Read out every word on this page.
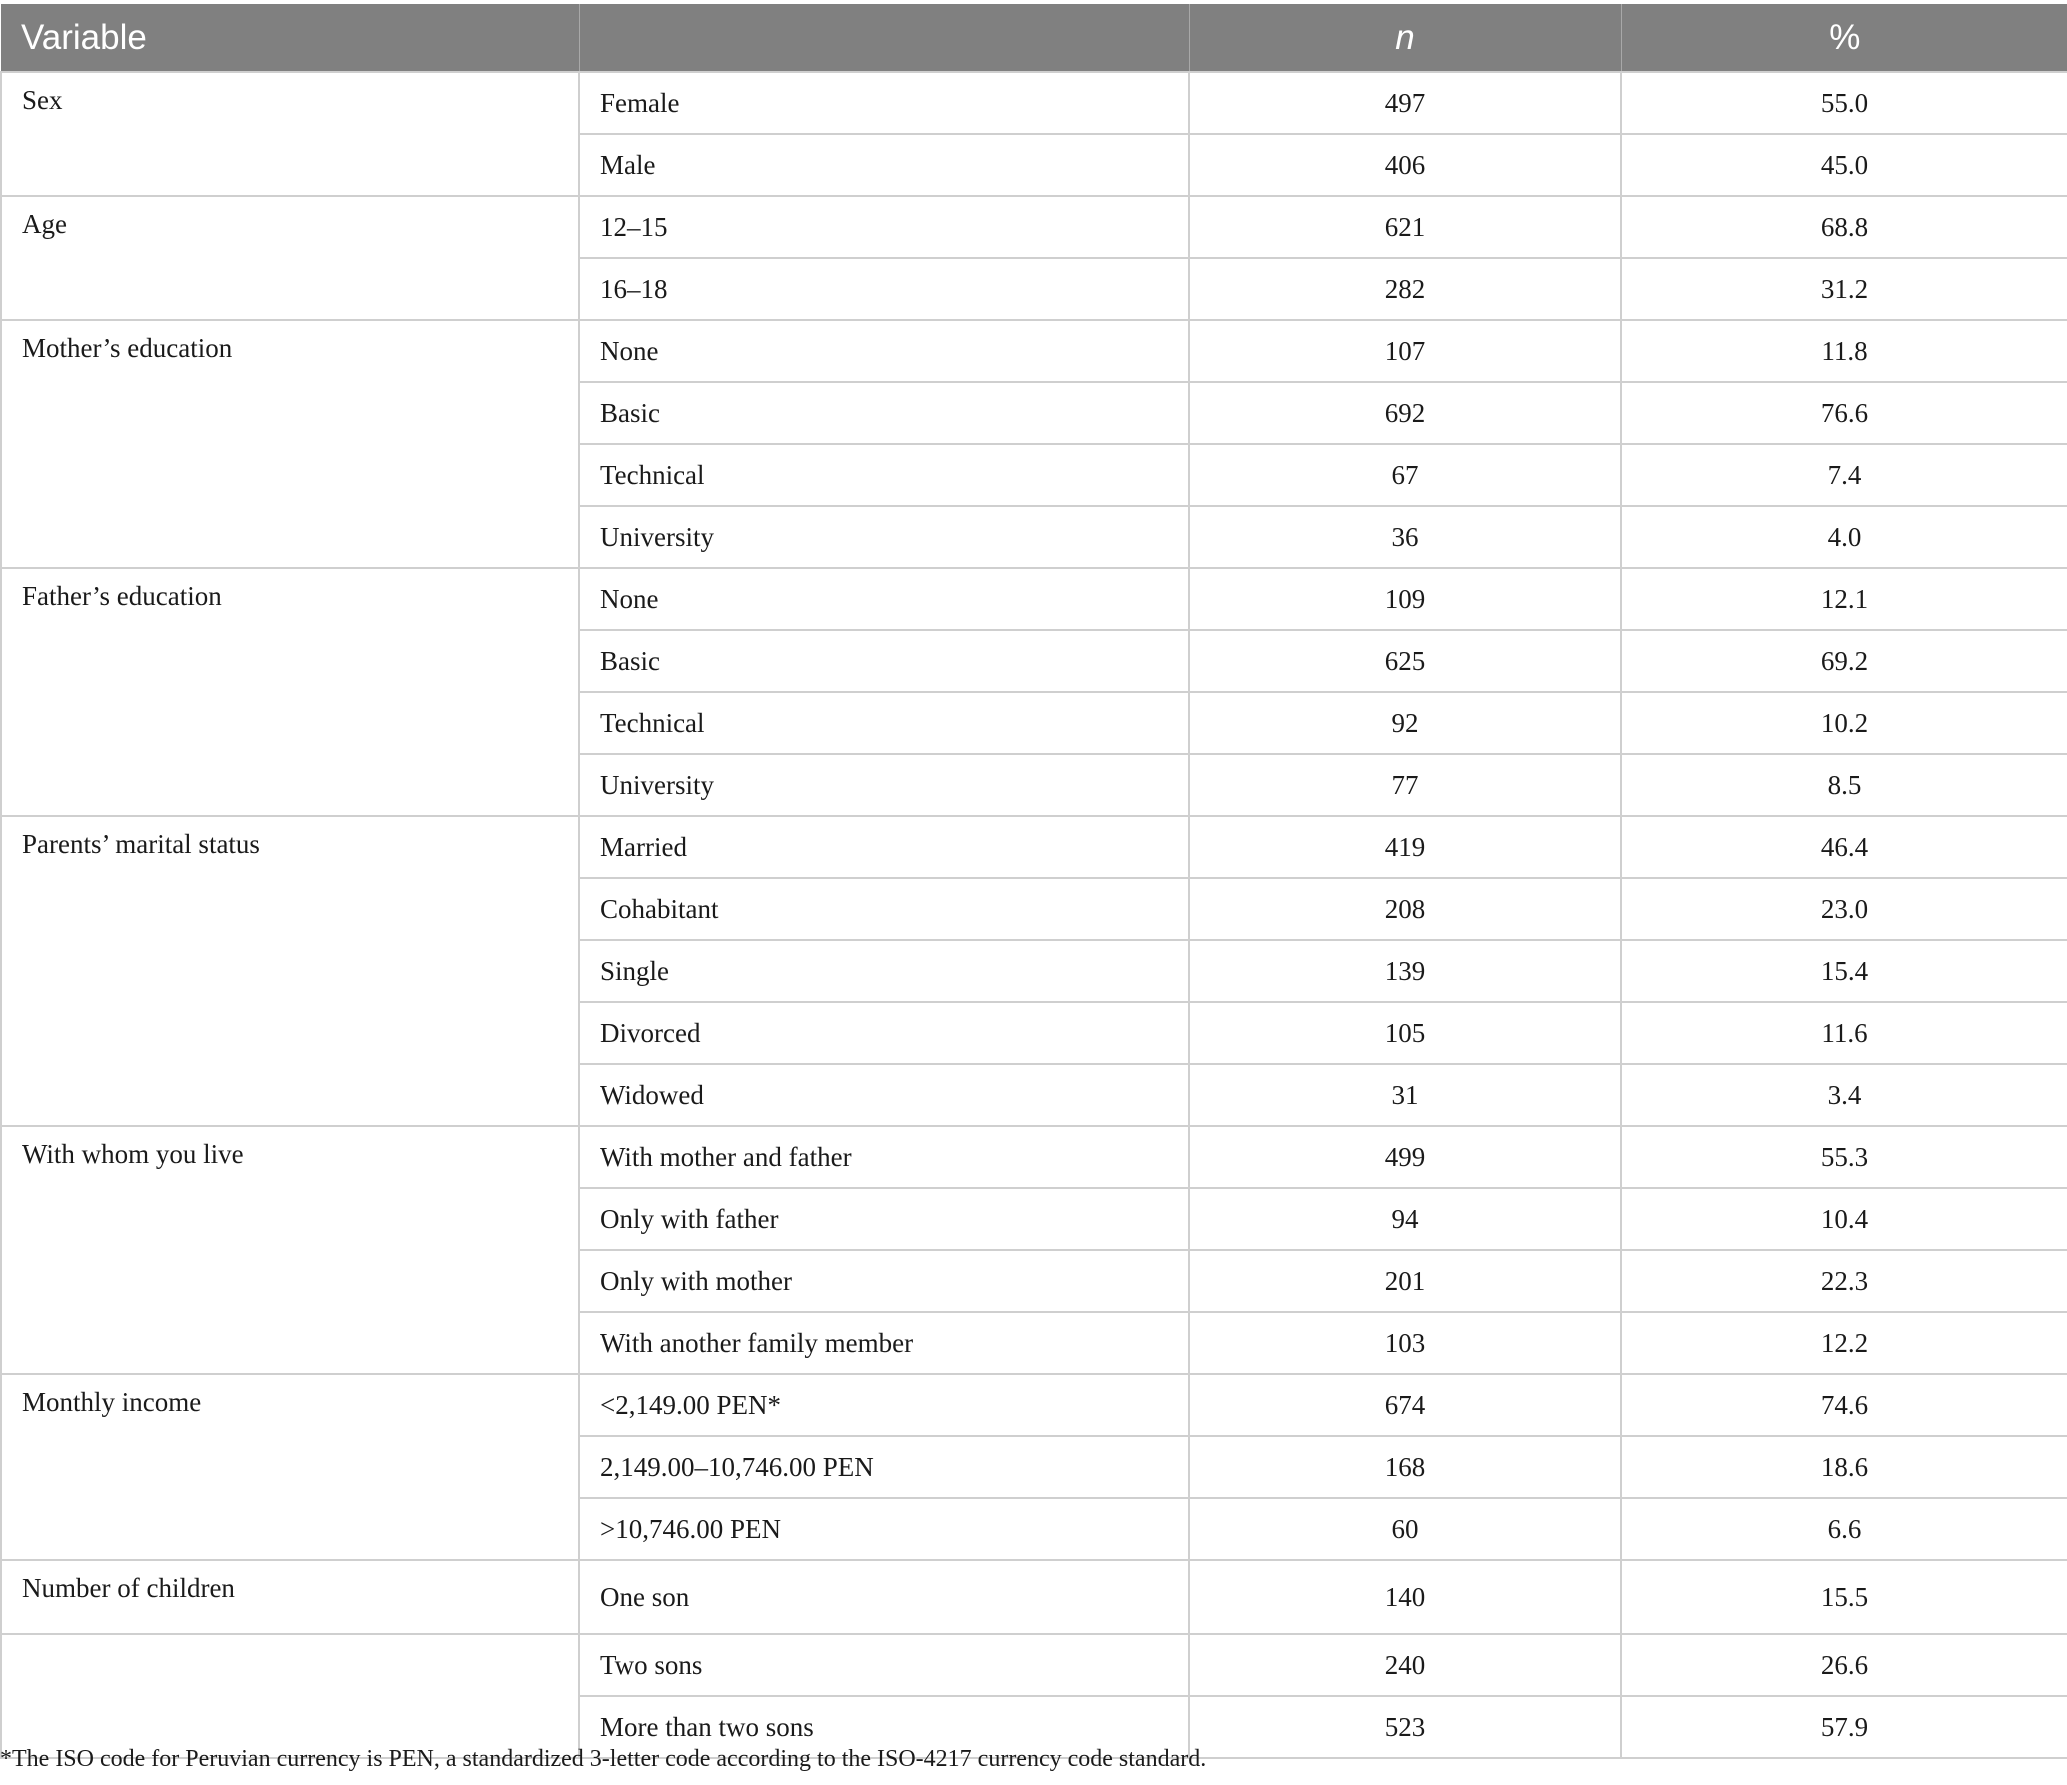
Variable		n	%
Sex	Female	497	55.0
	Male	406	45.0
Age	12–15	621	68.8
	16–18	282	31.2
Mother’s education	None	107	11.8
	Basic	692	76.6
	Technical	67	7.4
	University	36	4.0
Father’s education	None	109	12.1
	Basic	625	69.2
	Technical	92	10.2
	University	77	8.5
Parents’ marital status	Married	419	46.4
	Cohabitant	208	23.0
	Single	139	15.4
	Divorced	105	11.6
	Widowed	31	3.4
With whom you live	With mother and father	499	55.3
	Only with father	94	10.4
	Only with mother	201	22.3
	With another family member	103	12.2
Monthly income	<2,149.00 PEN*	674	74.6
	2,149.00–10,746.00 PEN	168	18.6
	>10,746.00 PEN	60	6.6
Number of children	One son	140	15.5
	Two sons	240	26.6
	More than two sons	523	57.9
*The ISO code for Peruvian currency is PEN, a standardized 3-letter code according to the ISO-4217 currency code standard.
